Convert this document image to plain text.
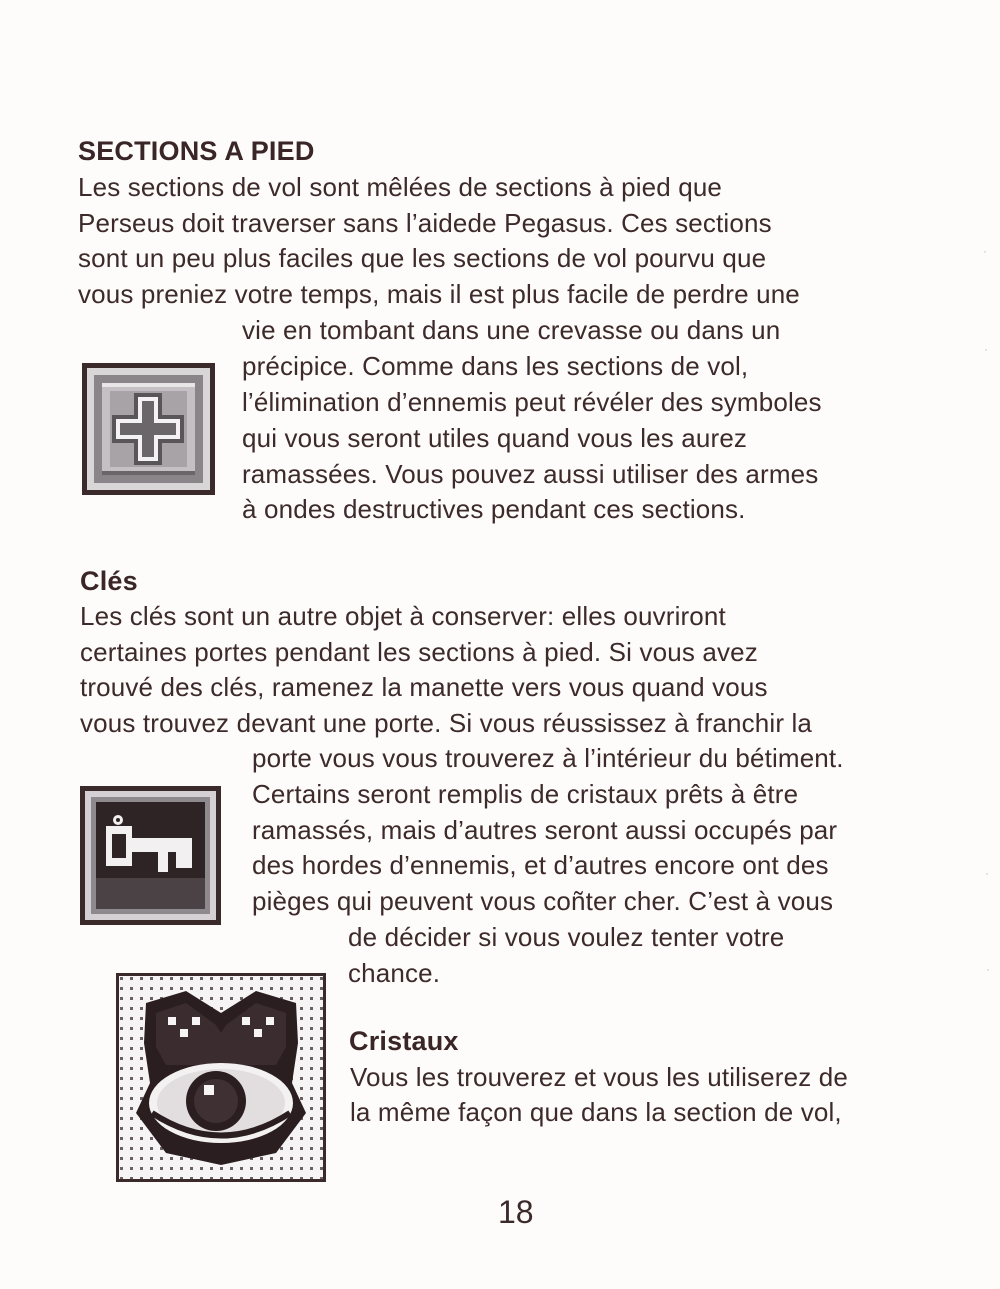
SECTIONS A PIED
Les sections de vol sont mêlées de sections à pied que
Perseus doit traverser sans l’aidede Pegasus. Ces sections
sont un peu plus faciles que les sections de vol pourvu que
vous preniez votre temps, mais il est plus facile de perdre une
vie en tombant dans une crevasse ou dans un
précipice. Comme dans les sections de vol,
l’élimination d’ennemis peut révéler des symboles
qui vous seront utiles quand vous les aurez
ramassées. Vous pouvez aussi utiliser des armes
à ondes destructives pendant ces sections.
Clés
Les clés sont un autre objet à conserver: elles ouvriront
certaines portes pendant les sections à pied. Si vous avez
trouvé des clés, ramenez la manette vers vous quand vous
vous trouvez devant une porte. Si vous réussissez à franchir la
porte vous vous trouverez à l’intérieur du bétiment.
Certains seront remplis de cristaux prêts à être
ramassés, mais d’autres seront aussi occupés par
des hordes d’ennemis, et d’autres encore ont des
pièges qui peuvent vous coñter cher. C’est à vous
de décider si vous voulez tenter votre
chance.
Cristaux
Vous les trouverez et vous les utiliserez de
la même façon que dans la section de vol,
18
·
·
·
·
